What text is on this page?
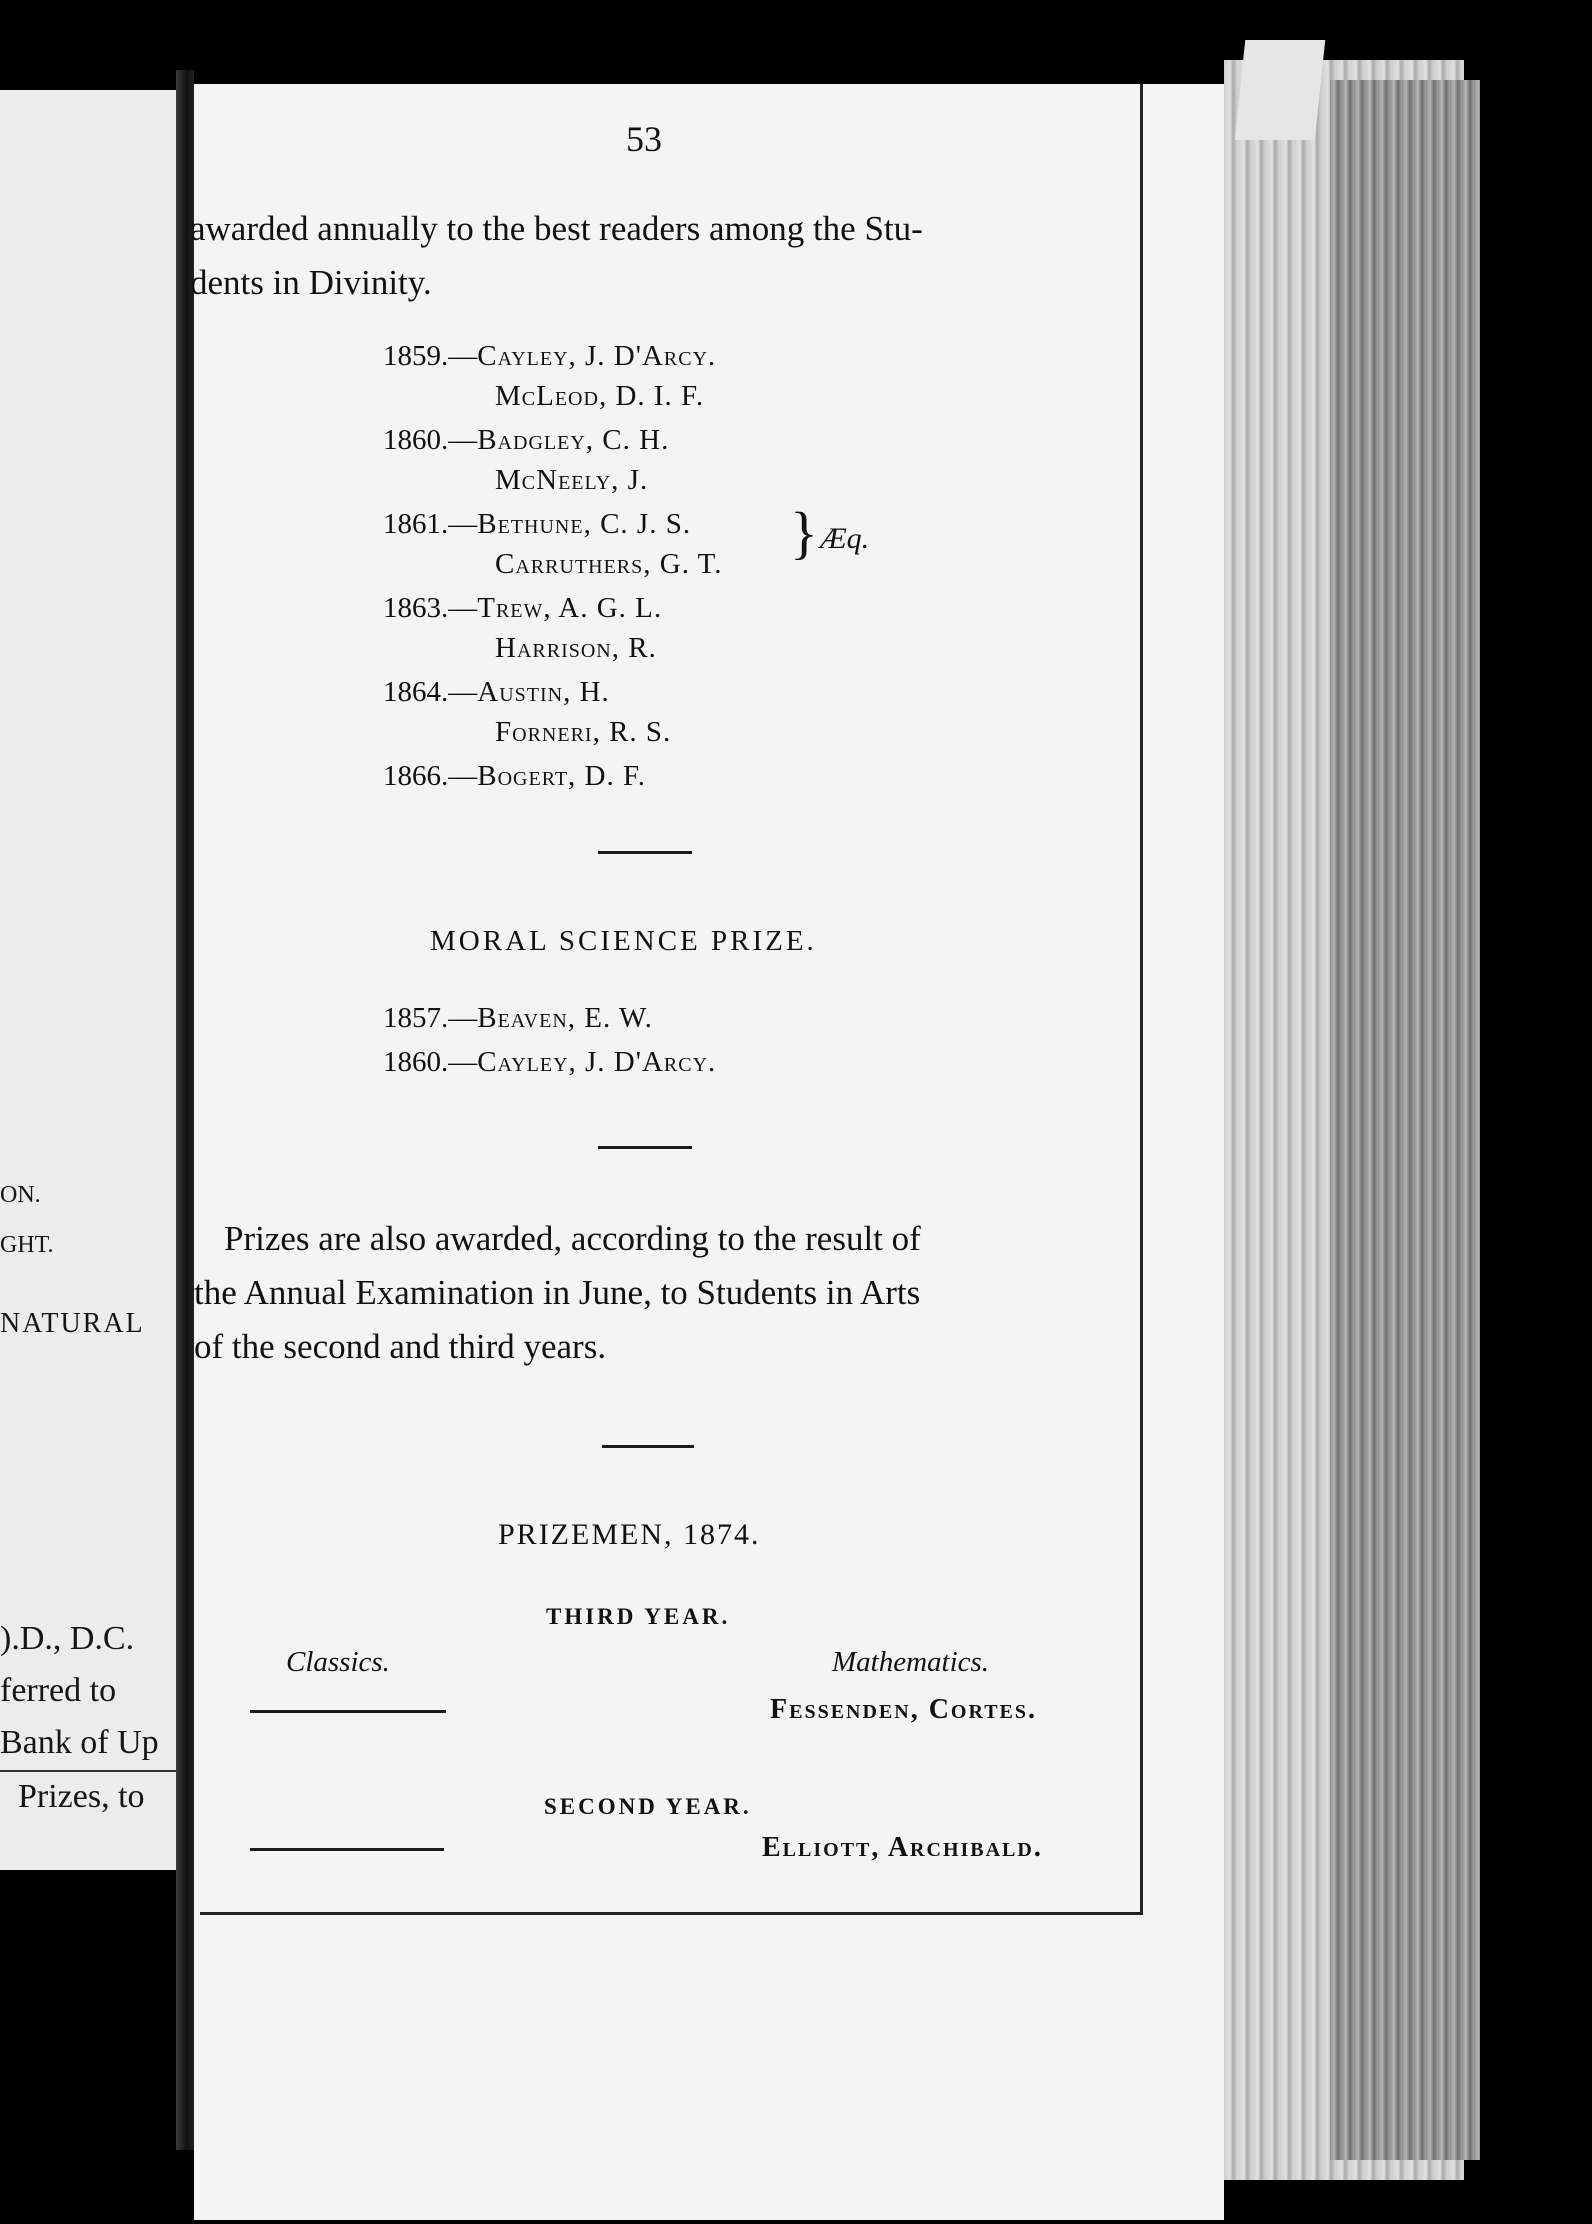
ON.
GHT.
NATURAL
).D., D.C.
ferred to
Bank of Up
Prizes, to
53
awarded annually to the best readers among the Stu-
dents in Divinity.
1859.—Cayley, J. D'Arcy.
McLeod, D. I. F.
1860.—Badgley, C. H.
McNeely, J.
1861.—Bethune, C. J. S.
Carruthers, G. T.
1863.—Trew, A. G. L.
Harrison, R.
1864.—Austin, H.
Forneri, R. S.
1866.—Bogert, D. F.
} Æq.
MORAL SCIENCE PRIZE.
1857.—Beaven, E. W.
1860.—Cayley, J. D'Arcy.
Prizes are also awarded, according to the result of
the Annual Examination in June, to Students in Arts
of the second and third years.
PRIZEMEN, 1874.
THIRD YEAR.
Classics.	Mathematics.
Fessenden, Cortes.
SECOND YEAR.
Elliott, Archibald.
